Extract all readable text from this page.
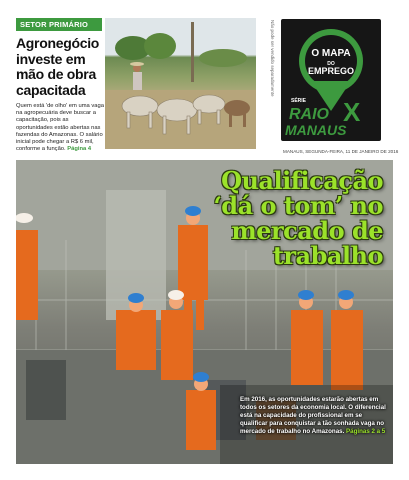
SETOR PRIMÁRIO
Agronegócio investe em mão de obra capacitada
Quem está 'de olho' em uma vaga na agropecuária deve buscar a capacitação, pois as oportunidades estão abertas nas fazendas do Amazonas. O salário inicial pode chegar a R$ 6 mil, conforme a função. Página 4
Não pode ser vendido separadamente	O MAPA
DO
EMPREGO
SÉRIE
RAIO X
MANAUS
MANAUS, SEGUNDA-FEIRA, 11 DE JANEIRO DE 2016
Qualificação ‘dá o tom’ no mercado de trabalho
Em 2016, as oportunidades estarão abertas em todos os setores da economia local. O diferencial está na capacidade do profissional em se qualificar para conquistar a tão sonhada vaga no mercado de trabalho no Amazonas. Páginas 2 a 5
